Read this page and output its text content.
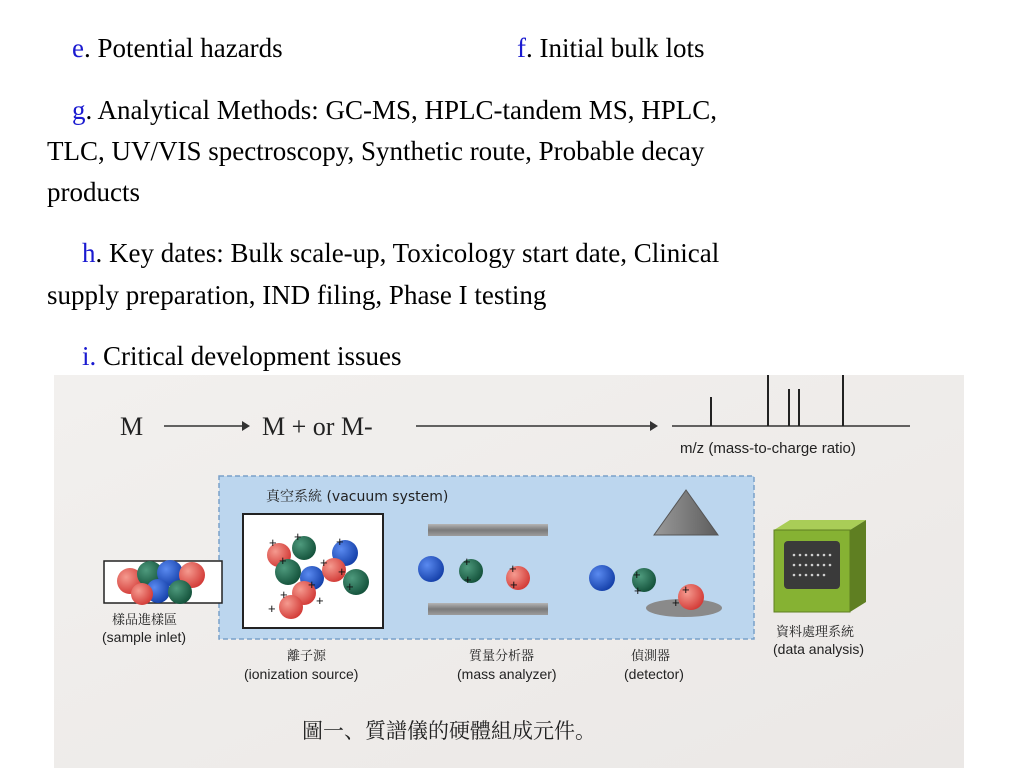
e. Potential hazards	f. Initial bulk lots
g. Analytical Methods: GC-MS, HPLC-tandem MS, HPLC,
TLC, UV/VIS spectroscopy, Synthetic route, Probable decay
products
h. Key dates: Bulk scale-up, Toxicology start date, Clinical
supply preparation, IND filing, Phase I testing
i. Critical development issues
M	M + or M-
m/z (mass-to-charge ratio)
真空系統 (vacuum system)
樣品進樣區
(sample inlet)
+ +
+
+
+
+
+
+
+
+
+
+
+
+
+
+
+	+
+
資料處理系統
(data analysis)
離子源
(ionization source)
質量分析器
(mass analyzer)
偵測器
(detector)
圖一、質譜儀的硬體組成元件。
